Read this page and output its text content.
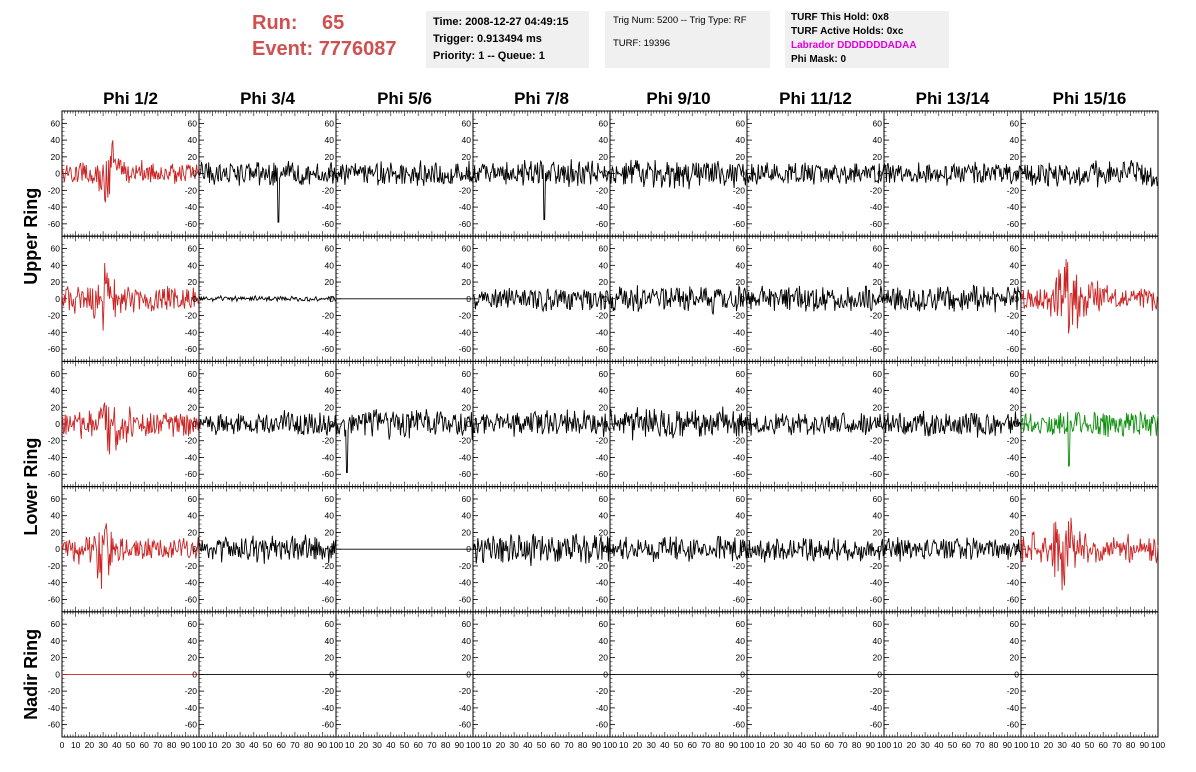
Run: 65
Event: 7776087
Time: 2008-12-27 04:49:15
Trigger: 0.913494 ms
Priority: 1 -- Queue: 1
Trig Num: 5200 -- Trig Type: RF
TURF: 19396
TURF This Hold: 0x8
TURF Active Holds: 0xc
Labrador DDDDDDDADAA
Phi Mask: 0
Phi 1/2	Phi 3/4	Phi 5/6	Phi 7/8	Phi 9/10	Phi 11/12	Phi 13/14	Phi 15/16
Upper Ring
Lower Ring
Nadir Ring
-60
-40
-20
0
20
40
60
-60
-40
-20
0
20
40
60
-60
-40
-20
0
20
40
60
-60
-40
-20
0
20
40
60
-60
-40
-20
0
20
40
60
-60
-40
-20
0
20
40
60
-60
-40
-20
0
20
40
60
-60
-40
-20
0
20
40
60
-60
-40
-20
0
20
40
60
-60
-40
-20
0
20
40
60
-60
-40
-20
0
20
40
60
-60
-40
-20
0
20
40
60
-60
-40
-20
0
20
40
60
-60
-40
-20
0
20
40
60
-60
-40
-20
0
20
40
60
-60
-40
-20
0
20
40
60
-60
-40
-20
0
20
40
60
-60
-40
-20
0
20
40
60
-60
-40
-20
0
20
40
60
-60
-40
-20
0
20
40
60
-60
-40
-20
0
20
40
60
-60
-40
-20
0
20
40
60
-60
-40
-20
0
20
40
60
-60
-40
-20
0
20
40
60
-60
-40
-20
0
20
40
60
-60
-40
-20
0
20
40
60
-60
-40
-20
0
20
40
60
-60
-40
-20
0
20
40
60
-60
-40
-20
0
20
40
60
-60
-40
-20
0
20
40
60
-60
-40
-20
0
20
40
60
-60
-40
-20
0
20
40
60
-60
-40
-20
0
20
40
60
-60
-40
-20
0
20
40
60
-60
-40
-20
0
20
40
60
-60
-40
-20
0
20
40
60
-60
-40
-20
0
20
40
60
-60
-40
-20
0
20
40
60
-60
-40
-20
0
20
40
60
-60
-40
-20
0
20
40
60
0 10 20 30 40 50 60 70 80 90 100 10 20 30 40 50 60 70 80 90 100 10 20 30 40 50 60 70 80 90 100 10 20 30 40 50 60 70 80 90 100 10 20 30 40 50 60 70 80 90 100 10 20 30 40 50 60 70 80 90 100 10 20 30 40 50 60 70 80 90 100 10 20 30 40 50 60 70 80 90 100
